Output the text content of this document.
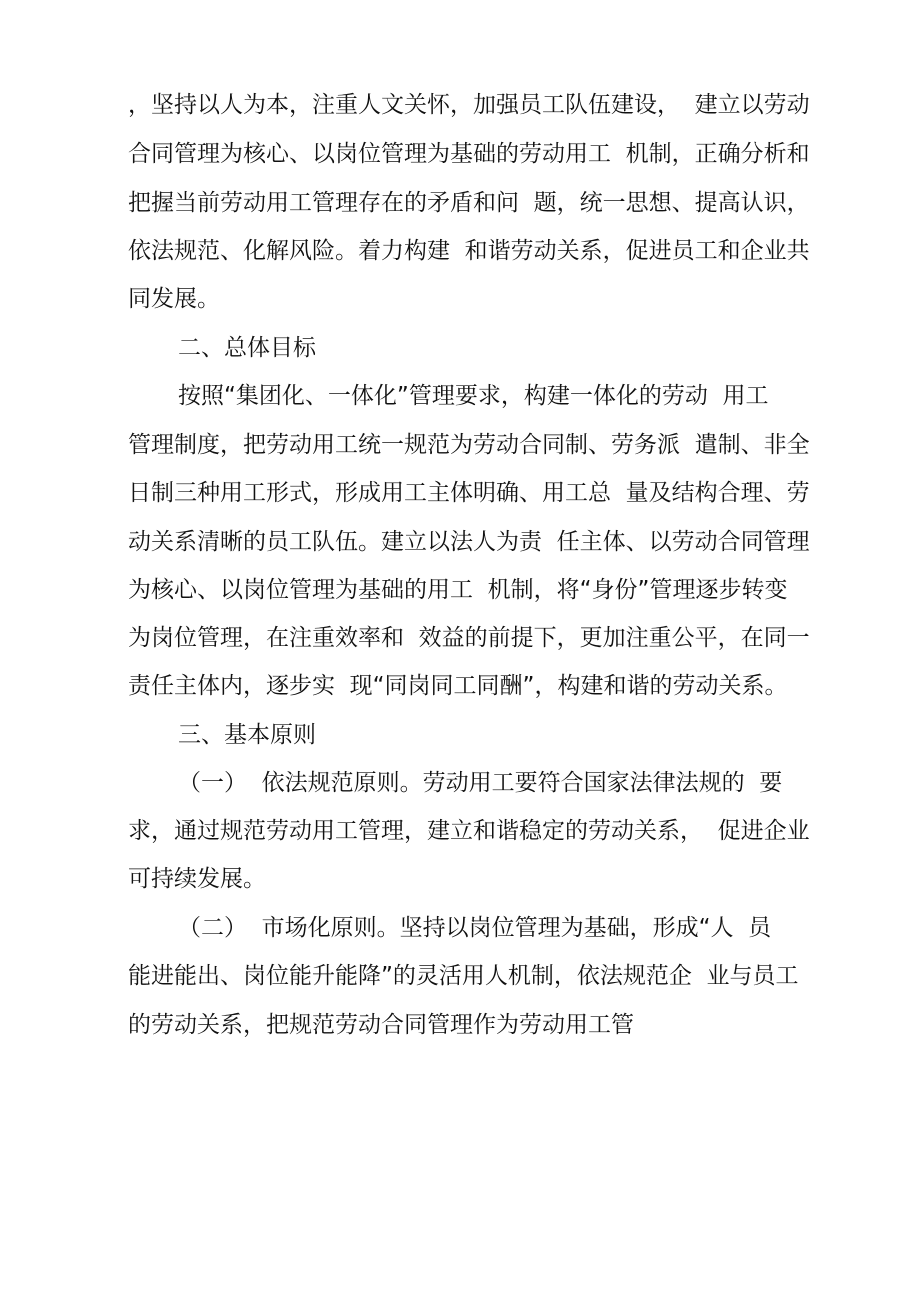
，坚持以人为本，注重人文关怀，加强员工队伍建设，  建立以劳动
合同管理为核心、以岗位管理为基础的劳动用工  机制，正确分析和
把握当前劳动用工管理存在的矛盾和问  题，统一思想、提高认识，
依法规范、化解风险。着力构建  和谐劳动关系，促进员工和企业共
同发展。
二、总体目标
按照“集团化、一体化”管理要求，构建一体化的劳动  用工
管理制度，把劳动用工统一规范为劳动合同制、劳务派  遣制、非全
日制三种用工形式，形成用工主体明确、用工总  量及结构合理、劳
动关系清晰的员工队伍。建立以法人为责  任主体、以劳动合同管理
为核心、以岗位管理为基础的用工  机制，将“身份”管理逐步转变
为岗位管理，在注重效率和  效益的前提下，更加注重公平，在同一
责任主体内，逐步实  现“同岗同工同酬”，构建和谐的劳动关系。
三、基本原则
（一）  依法规范原则。劳动用工要符合国家法律法规的  要
求，通过规范劳动用工管理，建立和谐稳定的劳动关系，  促进企业
可持续发展。
（二）  市场化原则。坚持以岗位管理为基础，形成“人  员
能进能出、岗位能升能降”的灵活用人机制，依法规范企  业与员工
的劳动关系，把规范劳动合同管理作为劳动用工管
